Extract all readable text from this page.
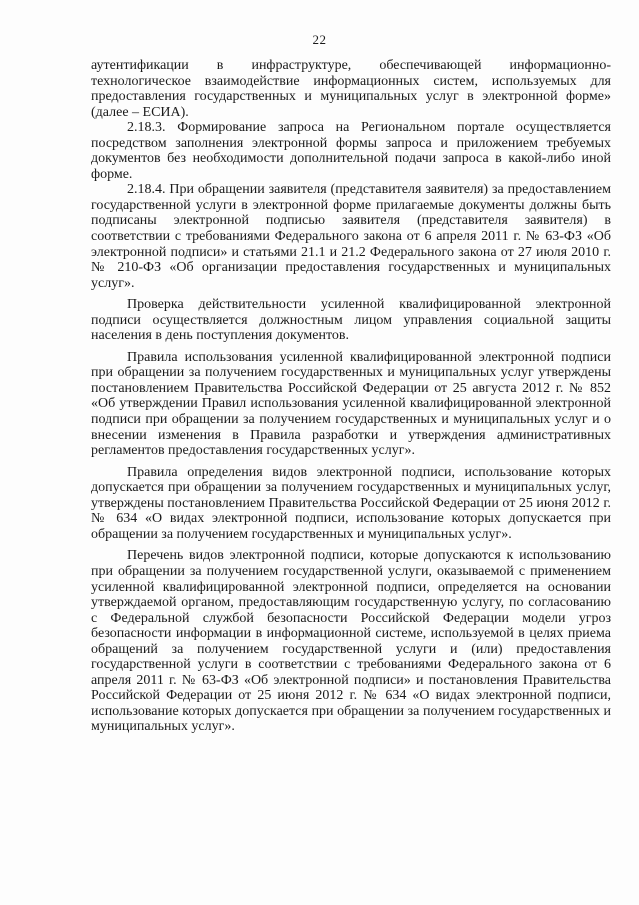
22

аутентификации в инфраструктуре, обеспечивающей информационно-технологическое взаимодействие информационных систем, используемых для предоставления государственных и муниципальных услуг в электронной форме» (далее – ЕСИА).

2.18.3. Формирование запроса на Региональном портале осуществляется посредством заполнения электронной формы запроса и приложением требуемых документов без необходимости дополнительной подачи запроса в какой-либо иной форме.

2.18.4. При обращении заявителя (представителя заявителя) за предоставлением государственной услуги в электронной форме прилагаемые документы должны быть подписаны электронной подписью заявителя (представителя заявителя) в соответствии с требованиями Федерального закона от 6 апреля 2011 г. № 63-ФЗ «Об электронной подписи» и статьями 21.1 и 21.2 Федерального закона от 27 июля 2010 г. № 210-ФЗ «Об организации предоставления государственных и муниципальных услуг».

Проверка действительности усиленной квалифицированной электронной подписи осуществляется должностным лицом управления социальной защиты населения в день поступления документов.

Правила использования усиленной квалифицированной электронной подписи при обращении за получением государственных и муниципальных услуг утверждены постановлением Правительства Российской Федерации от 25 августа 2012 г. № 852 «Об утверждении Правил использования усиленной квалифицированной электронной подписи при обращении за получением государственных и муниципальных услуг и о внесении изменения в Правила разработки и утверждения административных регламентов предоставления государственных услуг».

Правила определения видов электронной подписи, использование которых допускается при обращении за получением государственных и муниципальных услуг, утверждены постановлением Правительства Российской Федерации от 25 июня 2012 г. № 634 «О видах электронной подписи, использование которых допускается при обращении за получением государственных и муниципальных услуг».

Перечень видов электронной подписи, которые допускаются к использованию при обращении за получением государственной услуги, оказываемой с применением усиленной квалифицированной электронной подписи, определяется на основании утверждаемой органом, предоставляющим государственную услугу, по согласованию с Федеральной службой безопасности Российской Федерации модели угроз безопасности информации в информационной системе, используемой в целях приема обращений за получением государственной услуги и (или) предоставления государственной услуги в соответствии с требованиями Федерального закона от 6 апреля 2011 г. № 63-ФЗ «Об электронной подписи» и постановления Правительства Российской Федерации от 25 июня 2012 г. № 634 «О видах электронной подписи, использование которых допускается при обращении за получением государственных и муниципальных услуг».
